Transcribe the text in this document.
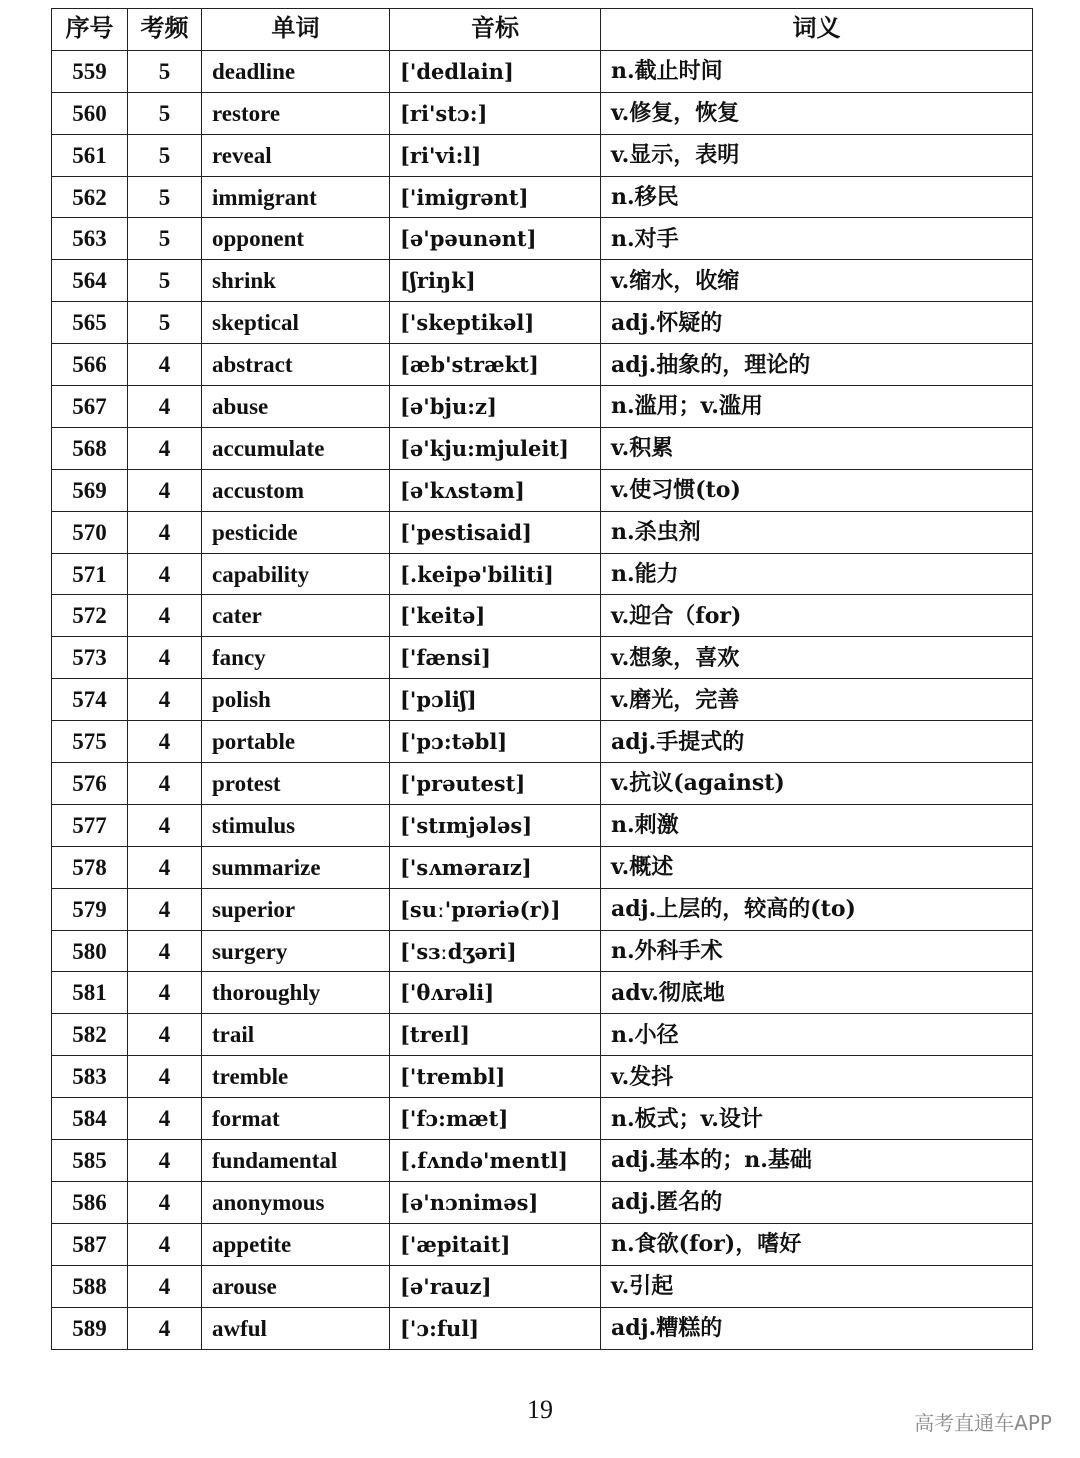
序号	考频	单词	音标	词义
559	5	deadline	['dedlain]	n.截止时间
560	5	restore	[ri'stɔ:]	v.修复，恢复
561	5	reveal	[ri'vi:l]	v.显示，表明
562	5	immigrant	['imigrənt]	n.移民
563	5	opponent	[ə'pəunənt]	n.对手
564	5	shrink	[ʃriŋk]	v.缩水，收缩
565	5	skeptical	['skeptikəl]	adj.怀疑的
566	4	abstract	[æb'strækt]	adj.抽象的，理论的
567	4	abuse	[ə'bju:z]	n.滥用；v.滥用
568	4	accumulate	[ə'kju:mjuleit]	v.积累
569	4	accustom	[ə'kʌstəm]	v.使习惯(to)
570	4	pesticide	['pestisaid]	n.杀虫剂
571	4	capability	[.keipə'biliti]	n.能力
572	4	cater	['keitə]	v.迎合（for)
573	4	fancy	['fænsi]	v.想象，喜欢
574	4	polish	['pɔliʃ]	v.磨光，完善
575	4	portable	['pɔ:təbl]	adj.手提式的
576	4	protest	['prəutest]	v.抗议(against)
577	4	stimulus	['stɪmjələs]	n.刺激
578	4	summarize	['sʌməraɪz]	v.概述
579	4	superior	[suː'pɪəriə(r)]	adj.上层的，较高的(to)
580	4	surgery	['sɜːdʒəri]	n.外科手术
581	4	thoroughly	['θʌrəli]	adv.彻底地
582	4	trail	[treɪl]	n.小径
583	4	tremble	['trembl]	v.发抖
584	4	format	['fɔ:mæt]	n.板式；v.设计
585	4	fundamental	[.fʌndə'mentl]	adj.基本的；n.基础
586	4	anonymous	[ə'nɔniməs]	adj.匿名的
587	4	appetite	['æpitait]	n.食欲(for)，嗜好
588	4	arouse	[ə'rauz]	v.引起
589	4	awful	['ɔ:ful]	adj.糟糕的
19	高考直通车APP
